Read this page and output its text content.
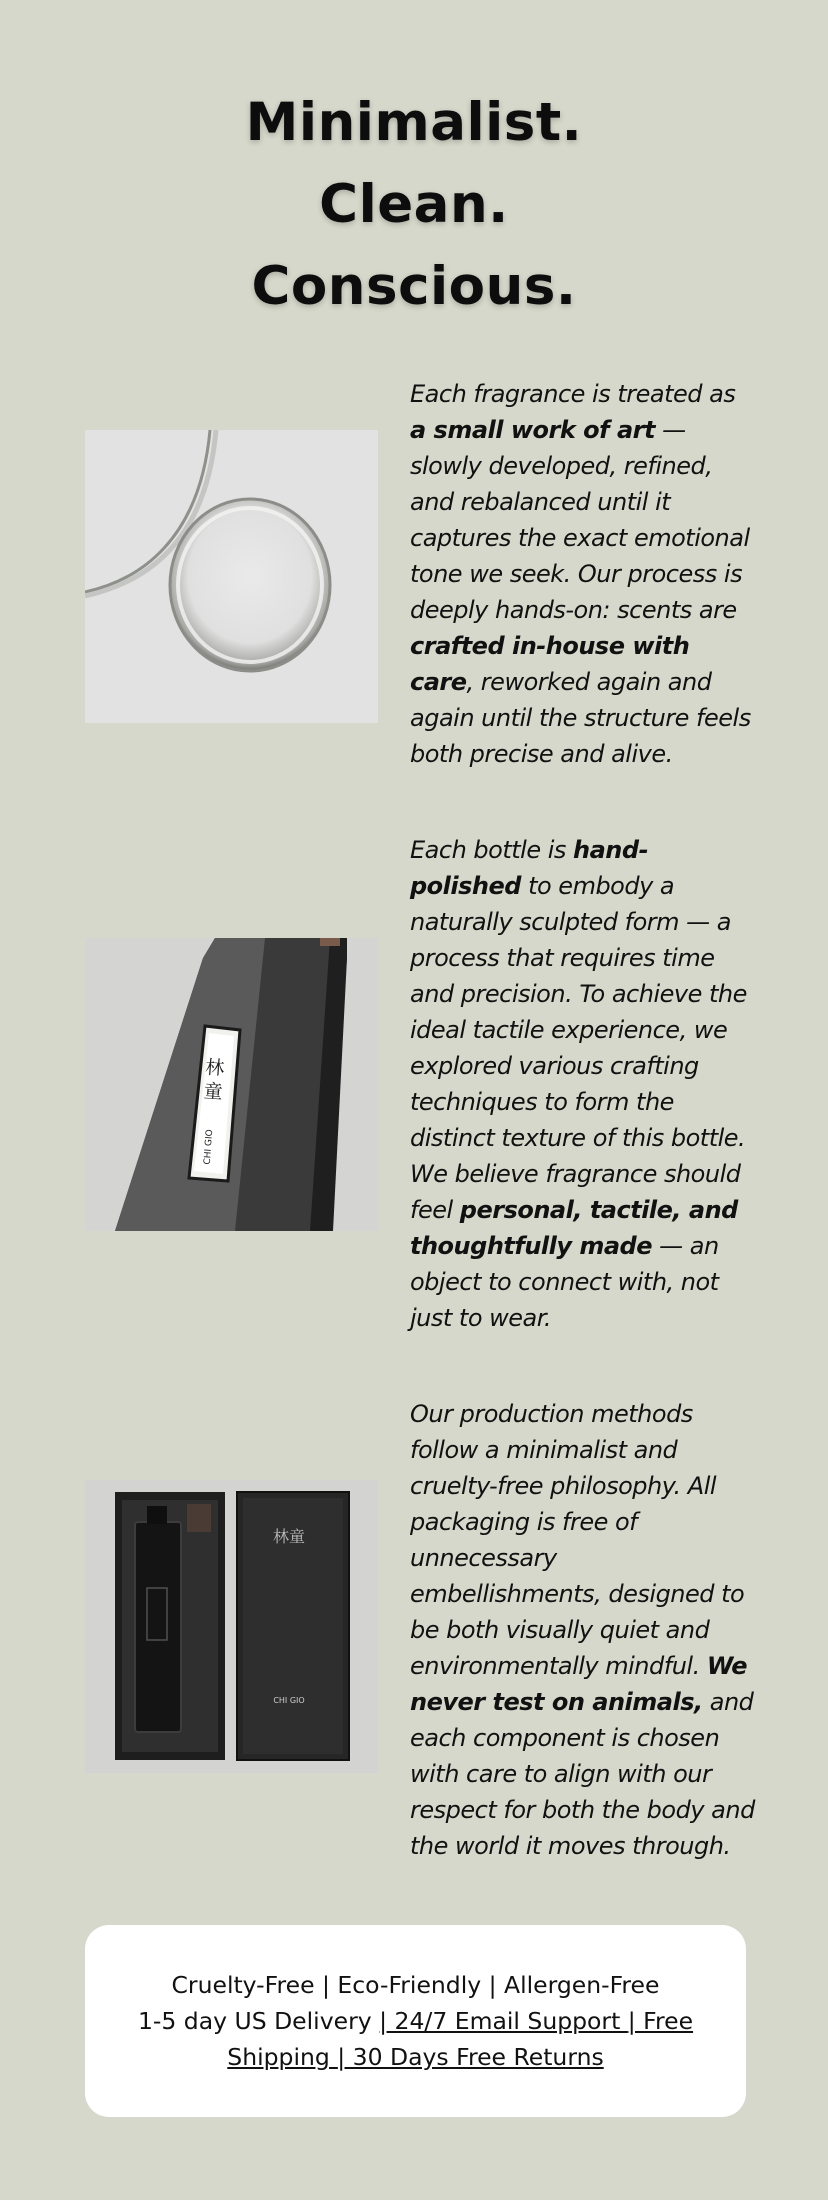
Minimalist.
Clean.
Conscious.
Each fragrance is treated as a small work of art — slowly developed, refined, and rebalanced until it captures the exact emotional tone we seek. Our process is deeply hands-on: scents are crafted in-house with care, reworked again and again until the structure feels both precise and alive.
林童
CHI GIO
Each bottle is hand-polished to embody a naturally sculpted form — a process that requires time and precision. To achieve the ideal tactile experience, we explored various crafting techniques to form the distinct texture of this bottle. We believe fragrance should feel personal, tactile, and thoughtfully made — an object to connect with, not just to wear.
林童
CHI GIO
Our production methods follow a minimalist and cruelty-free philosophy. All packaging is free of unnecessary embellishments, designed to be both visually quiet and environmentally mindful. We never test on animals, and each component is chosen with care to align with our respect for both the body and the world it moves through.
Cruelty-Free | Eco-Friendly | Allergen-Free
1-5 day US Delivery | 24/7 Email Support | Free Shipping | 30 Days Free Returns
